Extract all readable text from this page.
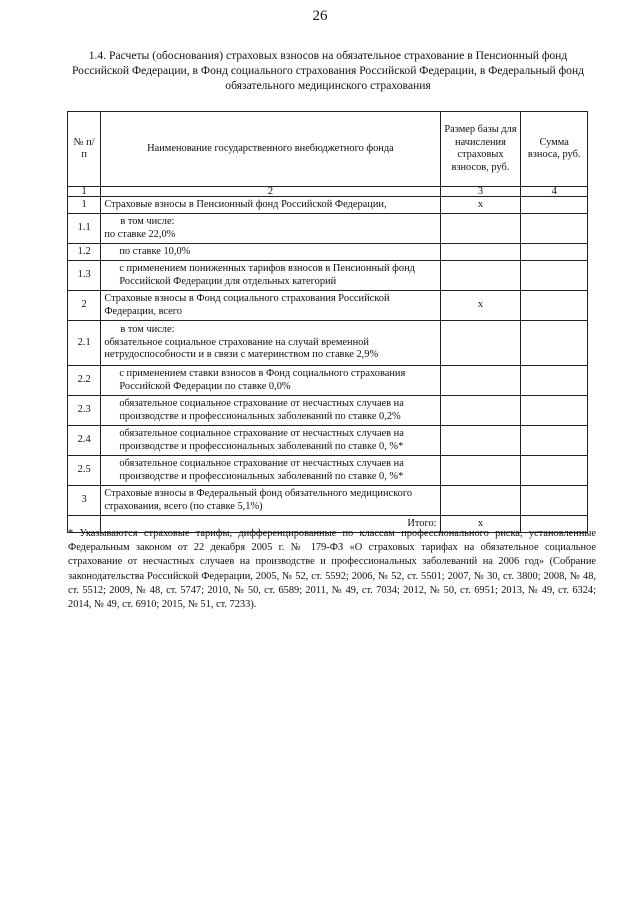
26
1.4. Расчеты (обоснования) страховых взносов на обязательное страхование в Пенсионный фонд Российской Федерации, в Фонд социального страхования Российской Федерации, в Федеральный фонд обязательного медицинского страхования
№ п/п	Наименование государственного внебюджетного фонда	Размер базы для начисления страховых взносов, руб.	Сумма взноса, руб.
1	2	3	4
1	Страховые взносы в Пенсионный фонд Российской Федерации,	х	
1.1	в том числе:
по ставке 22,0%		

1.2	по ставке 10,0%		
1.3	с применением пониженных тарифов взносов в Пенсионный фонд Российской Федерации для отдельных категорий		
2	Страховые взносы в Фонд социального страхования Российской Федерации, всего	х	
2.1	в том числе:
обязательное социальное страхование на случай временной нетрудоспособности и в связи с материнством по ставке 2,9%		

2.2	с применением ставки взносов в Фонд социального страхования Российской Федерации по ставке 0,0%		
2.3	обязательное социальное страхование от несчастных случаев на производстве и профессиональных заболеваний по ставке 0,2%		
2.4	обязательное социальное страхование от несчастных случаев на производстве и профессиональных заболеваний по ставке 0, %*		
2.5	обязательное социальное страхование от несчастных случаев на производстве и профессиональных заболеваний по ставке 0, %*		
3	Страховые взносы в Федеральный фонд обязательного медицинского страхования, всего (по ставке 5,1%)		
	Итого:	х	
* Указываются страховые тарифы, дифференцированные по классам профессионального риска, установленные Федеральным законом от 22 декабря 2005 г. № 179-ФЗ «О страховых тарифах на обязательное социальное страхование от несчастных случаев на производстве и профессиональных заболеваний на 2006 год» (Собрание законодательства Российской Федерации, 2005, № 52, ст. 5592; 2006, № 52, ст. 5501; 2007, № 30, ст. 3800; 2008, № 48, ст. 5512; 2009, № 48, ст. 5747; 2010, № 50, ст. 6589; 2011, № 49, ст. 7034; 2012, № 50, ст. 6951; 2013, № 49, ст. 6324; 2014, № 49, ст. 6910; 2015, № 51, ст. 7233).
